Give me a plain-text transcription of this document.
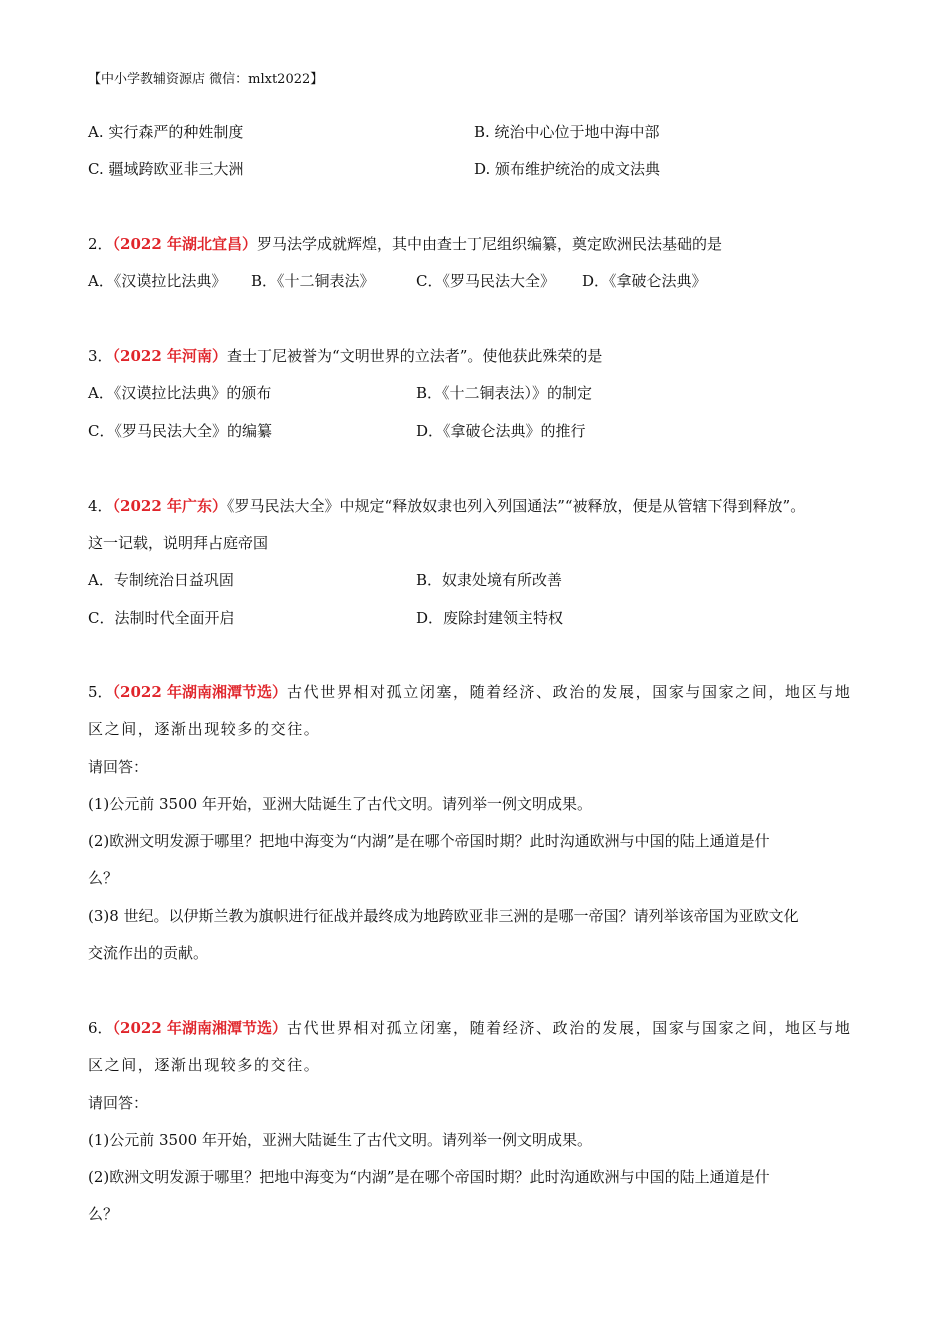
【中小学教辅资源店 微信：mlxt2022】
A. 实行森严的种姓制度	B. 统治中心位于地中海中部
C. 疆域跨欧亚非三大洲	D. 颁布维护统治的成文法典
2．（2022 年湖北宜昌）罗马法学成就辉煌，其中由查士丁尼组织编纂，奠定欧洲民法基础的是
A．《汉谟拉比法典》 B．《十二铜表法》	C．《罗马民法大全》 D．《拿破仑法典》
3．（2022 年河南）查士丁尼被誉为“文明世界的立法者”。使他获此殊荣的是
A．《汉谟拉比法典》的颁布	B．《十二铜表法）》的制定
C．《罗马民法大全》的编纂	D．《拿破仑法典》的推行
4．（2022 年广东）《罗马民法大全》中规定“释放奴隶也列入列国通法”“被释放，便是从管辖下得到释放”。
这一记载，说明拜占庭帝国
A．专制统治日益巩固	B．奴隶处境有所改善
C．法制时代全面开启	D．废除封建领主特权
5．（2022 年湖南湘潭节选）古代世界相对孤立闭塞，随着经济、政治的发展，国家与国家之间，地区与地
区之间，逐渐出现较多的交往。
请回答：
(1)公元前 3500 年开始，亚洲大陆诞生了古代文明。请列举一例文明成果。
(2)欧洲文明发源于哪里？把地中海变为“内湖”是在哪个帝国时期？此时沟通欧洲与中国的陆上通道是什
么？
(3)8 世纪。以伊斯兰教为旗帜进行征战并最终成为地跨欧亚非三洲的是哪一帝国？请列举该帝国为亚欧文化
交流作出的贡献。
6．（2022 年湖南湘潭节选）古代世界相对孤立闭塞，随着经济、政治的发展，国家与国家之间，地区与地
区之间，逐渐出现较多的交往。
请回答：
(1)公元前 3500 年开始，亚洲大陆诞生了古代文明。请列举一例文明成果。
(2)欧洲文明发源于哪里？把地中海变为“内湖”是在哪个帝国时期？此时沟通欧洲与中国的陆上通道是什
么？
